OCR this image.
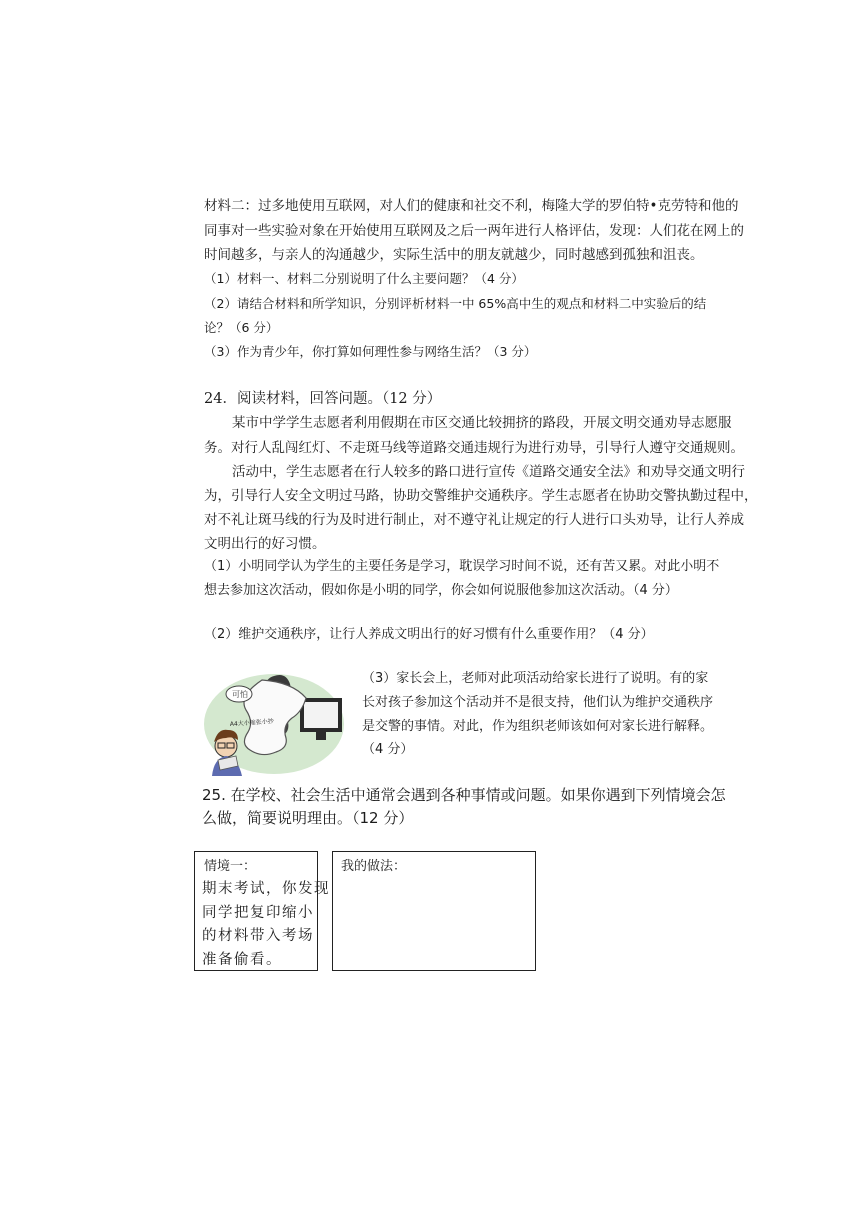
材料二：过多地使用互联网，对人们的健康和社交不利，梅隆大学的罗伯特•克劳特和他的
同事对一些实验对象在开始使用互联网及之后一两年进行人格评估，发现：人们花在网上的
时间越多，与亲人的沟通越少，实际生活中的朋友就越少，同时越感到孤独和沮丧。
（1）材料一、材料二分别说明了什么主要问题？（4 分）
（2）请结合材料和所学知识，分别评析材料一中 65%高中生的观点和材料二中实验后的结
论？（6 分）
（3）作为青少年，你打算如何理性参与网络生活？（3 分）
24．阅读材料，回答问题。（12 分）
某市中学学生志愿者利用假期在市区交通比较拥挤的路段，开展文明交通劝导志愿服
务。对行人乱闯红灯、不走斑马线等道路交通违规行为进行劝导，引导行人遵守交通规则。
活动中，学生志愿者在行人较多的路口进行宣传《道路交通安全法》和劝导交通文明行
为，引导行人安全文明过马路，协助交警维护交通秩序。学生志愿者在协助交警执勤过程中，
对不礼让斑马线的行为及时进行制止，对不遵守礼让规定的行人进行口头劝导，让行人养成
文明出行的好习惯。
（1）小明同学认为学生的主要任务是学习，耽误学习时间不说，还有苦又累。对此小明不
想去参加这次活动，假如你是小明的同学，你会如何说服他参加这次活动。（4 分）
（2）维护交通秩序，让行人养成文明出行的好习惯有什么重要作用？（4 分）
可怕
A4大小缩张小抄
（3）家长会上，老师对此项活动给家长进行了说明。有的家
长对孩子参加这个活动并不是很支持，他们认为维护交通秩序
是交警的事情。对此，作为组织老师该如何对家长进行解释。
（4 分）
25. 在学校、社会生活中通常会遇到各种事情或问题。如果你遇到下列情境会怎
么做，简要说明理由。（12 分）
情境一：
期末考试，你发现
同学把复印缩小
的材料带入考场
准备偷看。
我的做法：
